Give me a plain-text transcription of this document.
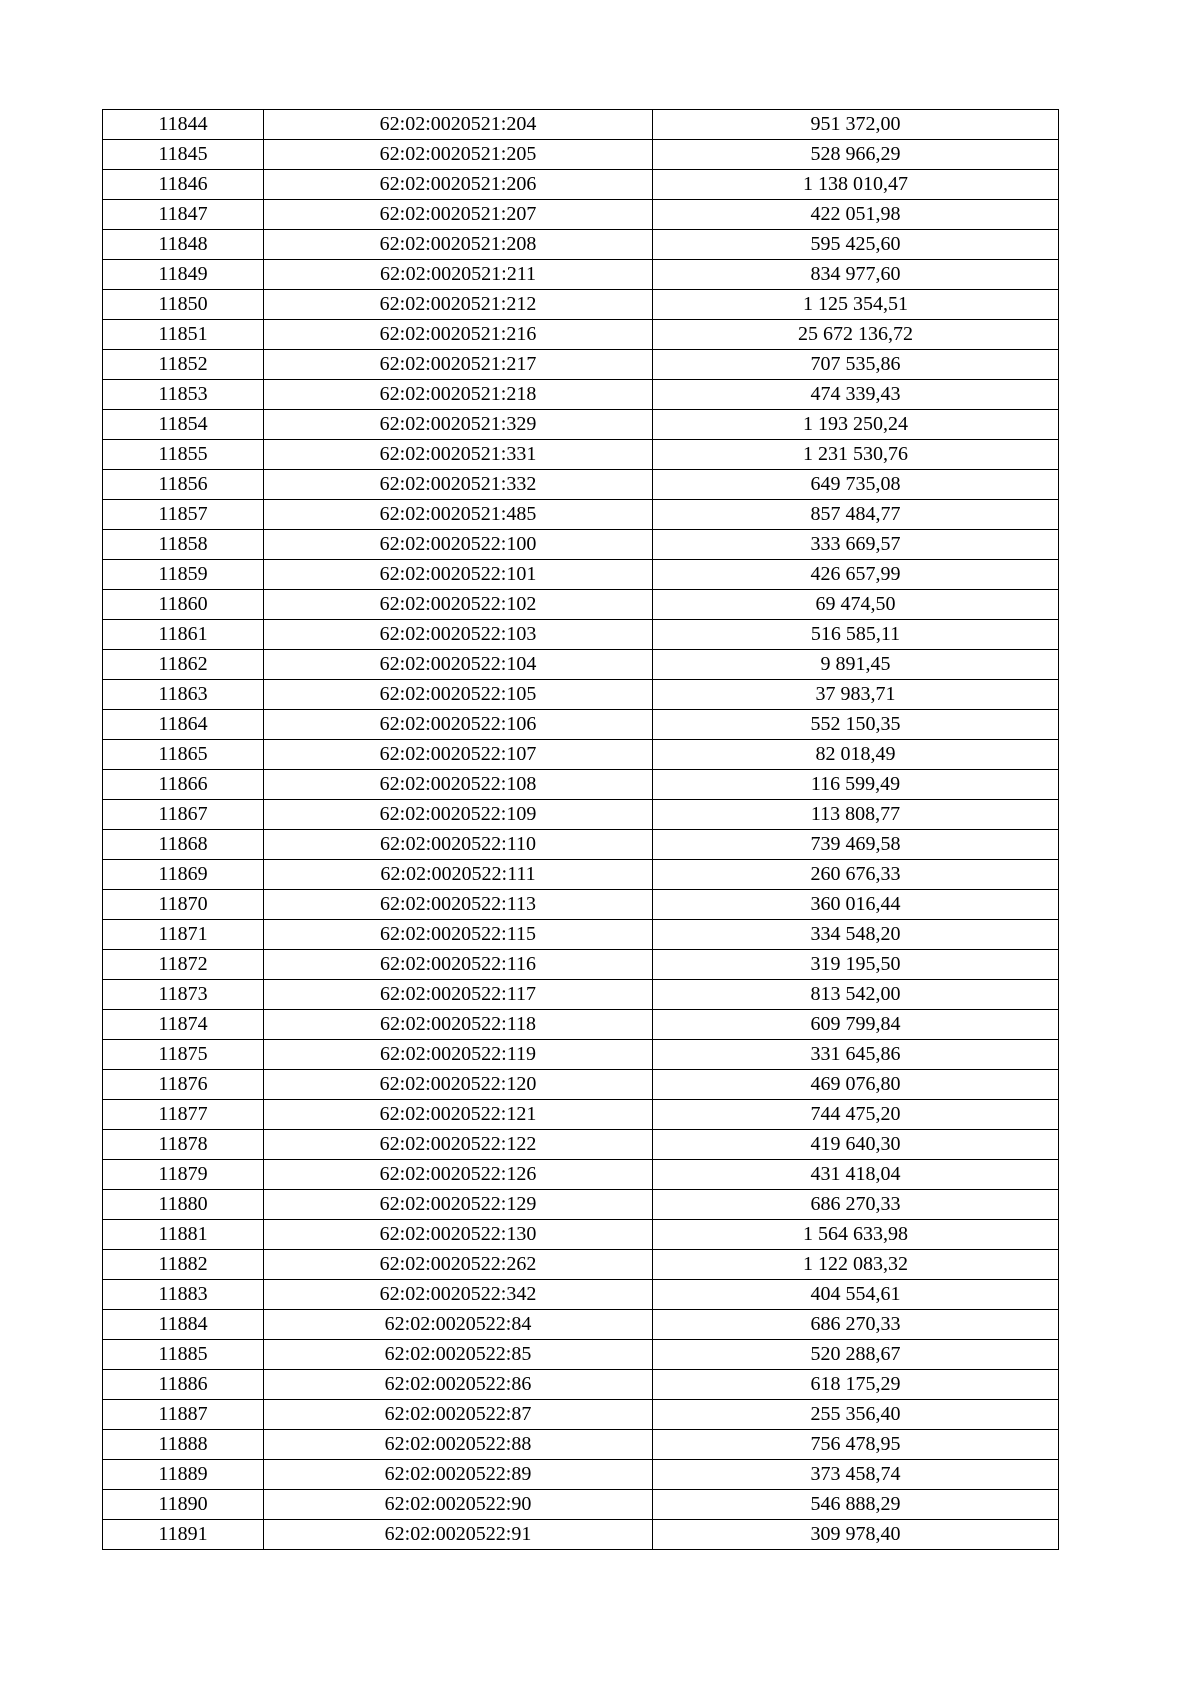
11844	62:02:0020521:204	951 372,00
11845	62:02:0020521:205	528 966,29
11846	62:02:0020521:206	1 138 010,47
11847	62:02:0020521:207	422 051,98
11848	62:02:0020521:208	595 425,60
11849	62:02:0020521:211	834 977,60
11850	62:02:0020521:212	1 125 354,51
11851	62:02:0020521:216	25 672 136,72
11852	62:02:0020521:217	707 535,86
11853	62:02:0020521:218	474 339,43
11854	62:02:0020521:329	1 193 250,24
11855	62:02:0020521:331	1 231 530,76
11856	62:02:0020521:332	649 735,08
11857	62:02:0020521:485	857 484,77
11858	62:02:0020522:100	333 669,57
11859	62:02:0020522:101	426 657,99
11860	62:02:0020522:102	69 474,50
11861	62:02:0020522:103	516 585,11
11862	62:02:0020522:104	9 891,45
11863	62:02:0020522:105	37 983,71
11864	62:02:0020522:106	552 150,35
11865	62:02:0020522:107	82 018,49
11866	62:02:0020522:108	116 599,49
11867	62:02:0020522:109	113 808,77
11868	62:02:0020522:110	739 469,58
11869	62:02:0020522:111	260 676,33
11870	62:02:0020522:113	360 016,44
11871	62:02:0020522:115	334 548,20
11872	62:02:0020522:116	319 195,50
11873	62:02:0020522:117	813 542,00
11874	62:02:0020522:118	609 799,84
11875	62:02:0020522:119	331 645,86
11876	62:02:0020522:120	469 076,80
11877	62:02:0020522:121	744 475,20
11878	62:02:0020522:122	419 640,30
11879	62:02:0020522:126	431 418,04
11880	62:02:0020522:129	686 270,33
11881	62:02:0020522:130	1 564 633,98
11882	62:02:0020522:262	1 122 083,32
11883	62:02:0020522:342	404 554,61
11884	62:02:0020522:84	686 270,33
11885	62:02:0020522:85	520 288,67
11886	62:02:0020522:86	618 175,29
11887	62:02:0020522:87	255 356,40
11888	62:02:0020522:88	756 478,95
11889	62:02:0020522:89	373 458,74
11890	62:02:0020522:90	546 888,29
11891	62:02:0020522:91	309 978,40
